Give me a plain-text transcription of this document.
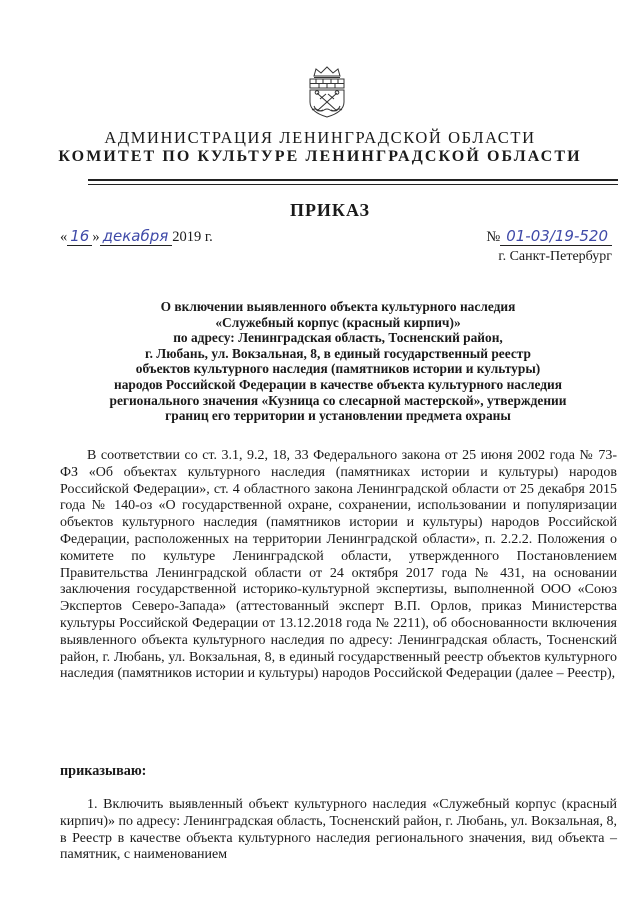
АДМИНИСТРАЦИЯ ЛЕНИНГРАДСКОЙ ОБЛАСТИ
КОМИТЕТ ПО КУЛЬТУРЕ ЛЕНИНГРАДСКОЙ ОБЛАСТИ
ПРИКАЗ
« 16 » декабря 2019 г.	№ 01-03/19-520
г. Санкт-Петербург
О включении выявленного объекта культурного наследия
«Служебный корпус (красный кирпич)»
по адресу: Ленинградская область, Тосненский район,
г. Любань, ул. Вокзальная, 8, в единый государственный реестр
объектов культурного наследия (памятников истории и культуры)
народов Российской Федерации в качестве объекта культурного наследия
регионального значения «Кузница со слесарной мастерской», утверждении
границ его территории и установлении предмета охраны
В соответствии со ст. 3.1, 9.2, 18, 33 Федерального закона от 25 июня 2002 года № 73-ФЗ «Об объектах культурного наследия (памятниках истории и культуры) народов Российской Федерации», ст. 4 областного закона Ленинградской области от 25 декабря 2015 года № 140-оз «О государственной охране, сохранении, использовании и популяризации объектов культурного наследия (памятников истории и культуры) народов Российской Федерации, расположенных на территории Ленинградской области», п. 2.2.2. Положения о комитете по культуре Ленинградской области, утвержденного Постановлением Правительства Ленинградской области от 24 октября 2017 года № 431, на основании заключения государственной историко-культурной экспертизы, выполненной ООО «Союз Экспертов Северо-Запада» (аттестованный эксперт В.П. Орлов, приказ Министерства культуры Российской Федерации от 13.12.2018 года № 2211), об обоснованности включения выявленного объекта культурного наследия по адресу: Ленинградская область, Тосненский район, г. Любань, ул. Вокзальная, 8, в единый государственный реестр объектов культурного наследия (памятников истории и культуры) народов Российской Федерации (далее – Реестр),
приказываю:
1. Включить выявленный объект культурного наследия «Служебный корпус (красный кирпич)» по адресу: Ленинградская область, Тосненский район, г. Любань, ул. Вокзальная, 8, в Реестр в качестве объекта культурного наследия регионального значения, вид объекта – памятник, с наименованием
